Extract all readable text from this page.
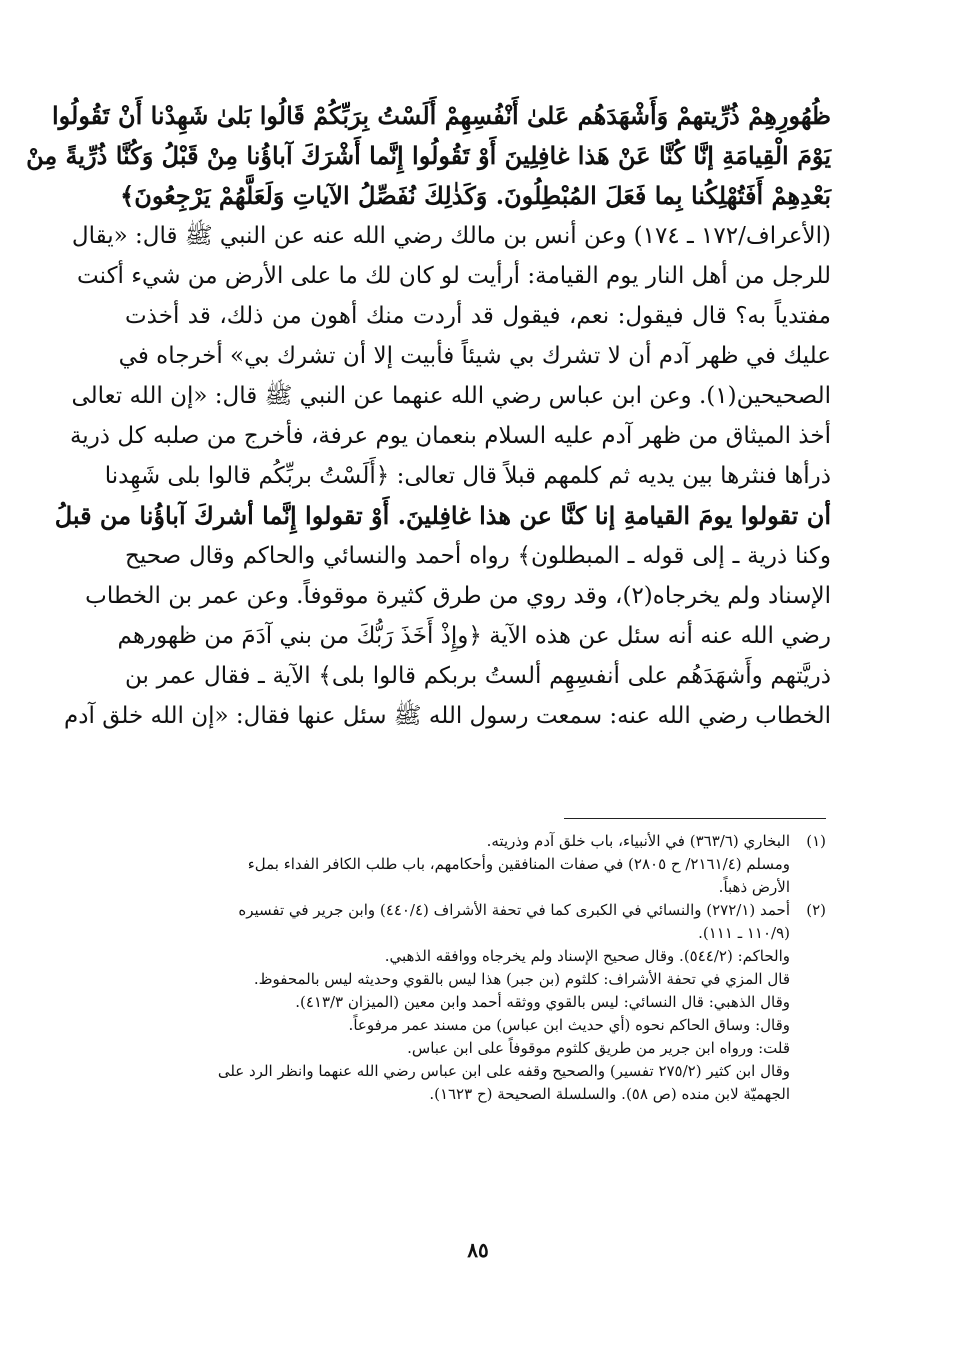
ظُهُورِهِمْ ذُرِّيتهمْ وَأَشْهَدَهُم عَلىٰ أَنْفُسِهِمْ أَلَسْتُ بِرَبِّكُمْ قَالُوا بَلىٰ شَهِدْنا أَنْ تَقُولُوا
يَوْمَ الْقِيامَةِ إنَّا كُنَّا عَنْ هَذا غافِلِينَ أَوْ تَقُولُوا إِنَّما أَشْرَكَ آباؤُنا مِنْ قَبْلُ وَكُنَّا ذُرِّيةً مِنْ
بَعْدِهِمْ أَفَتُهْلِكُنا بِما فَعَلَ المُبْطِلُونَ. وَكَذٰلِكَ نُفَصِّلُ الآياتِ وَلَعَلَّهُمْ يَرْجِعُونَ﴾
(الأعراف/١٧٢ ـ ١٧٤) وعن أنس بن مالك رضي الله عنه عن النبي ﷺ قال: «يقال
للرجل من أهل النار يوم القيامة: أرأيت لو كان لك ما على الأرض من شيء أكنت
مفتدياً به؟ قال فيقول: نعم، فيقول قد أردت منك أهون من ذلك، قد أخذت
عليك في ظهر آدم أن لا تشرك بي شيئاً فأبيت إلا أن تشرك بي» أخرجاه في
الصحيحين(١). وعن ابن عباس رضي الله عنهما عن النبي ﷺ قال: «إن الله تعالى
أخذ الميثاق من ظهر آدم عليه السلام بنعمان يوم عرفة، فأخرج من صلبه كل ذرية
ذرأها فنثرها بين يديه ثم كلمهم قبلاً قال تعالى: ﴿أَلَسْتُ بربِّكُم قالوا بلى شَهِدنا
أن تقولوا يومَ القيامةِ إنا كنَّا عن هذا غافِلينَ. أَوْ تقولوا إِنَّما أشركَ آباؤُنا من قبلُ
وكنا ذرية ـ إلى قوله ـ المبطلون﴾ رواه أحمد والنسائي والحاكم وقال صحيح
الإسناد ولم يخرجاه(٢)، وقد روي من طرق كثيرة موقوفاً. وعن عمر بن الخطاب
رضي الله عنه أنه سئل عن هذه الآية ﴿وإِذْ أَخَذَ رَبُّكَ من بني آدَمَ من ظهورهم
ذريَّتهم وأَشهَدَهُم على أنفسِهِم ألستُ بربكم قالوا بلى﴾ الآية ـ فقال عمر بن
الخطاب رضي الله عنه: سمعت رسول الله ﷺ سئل عنها فقال: «إن الله خلق آدم
(١)البخاري (٣٦٣/٦) في الأنبياء، باب خلق آدم وذريته.
ومسلم (٢١٦١/٤/ ح ٢٨٠٥) في صفات المنافقين وأحكامهم، باب طلب الكافر الفداء بملء
الأرض ذهباً.
(٢)أحمد (٢٧٢/١) والنسائي في الكبرى كما في تحفة الأشراف (٤٤٠/٤) وابن جرير في تفسيره
(١١٠/٩ ـ ١١١).
والحاكم: (٥٤٤/٢). وقال صحيح الإسناد ولم يخرجاه ووافقه الذهبي.
قال المزي في تحفة الأشراف: كلثوم (بن جبر) هذا ليس بالقوي وحديثه ليس بالمحفوظ.
وقال الذهبي: قال النسائي: ليس بالقوي ووثقه أحمد وابن معين (الميزان ٤١٣/٣).
وقال: وساق الحاكم نحوه (أي حديث ابن عباس) من مسند عمر مرفوعاً.
قلت: ورواه ابن جرير من طريق كلثوم موقوفاً على ابن عباس.
وقال ابن كثير (٢٧٥/٢ تفسير) والصحيح وقفه على ابن عباس رضي الله عنهما وانظر الرد على
الجهميّة لابن منده (ص ٥٨). والسلسلة الصحيحة (ح ١٦٢٣).
٨٥
